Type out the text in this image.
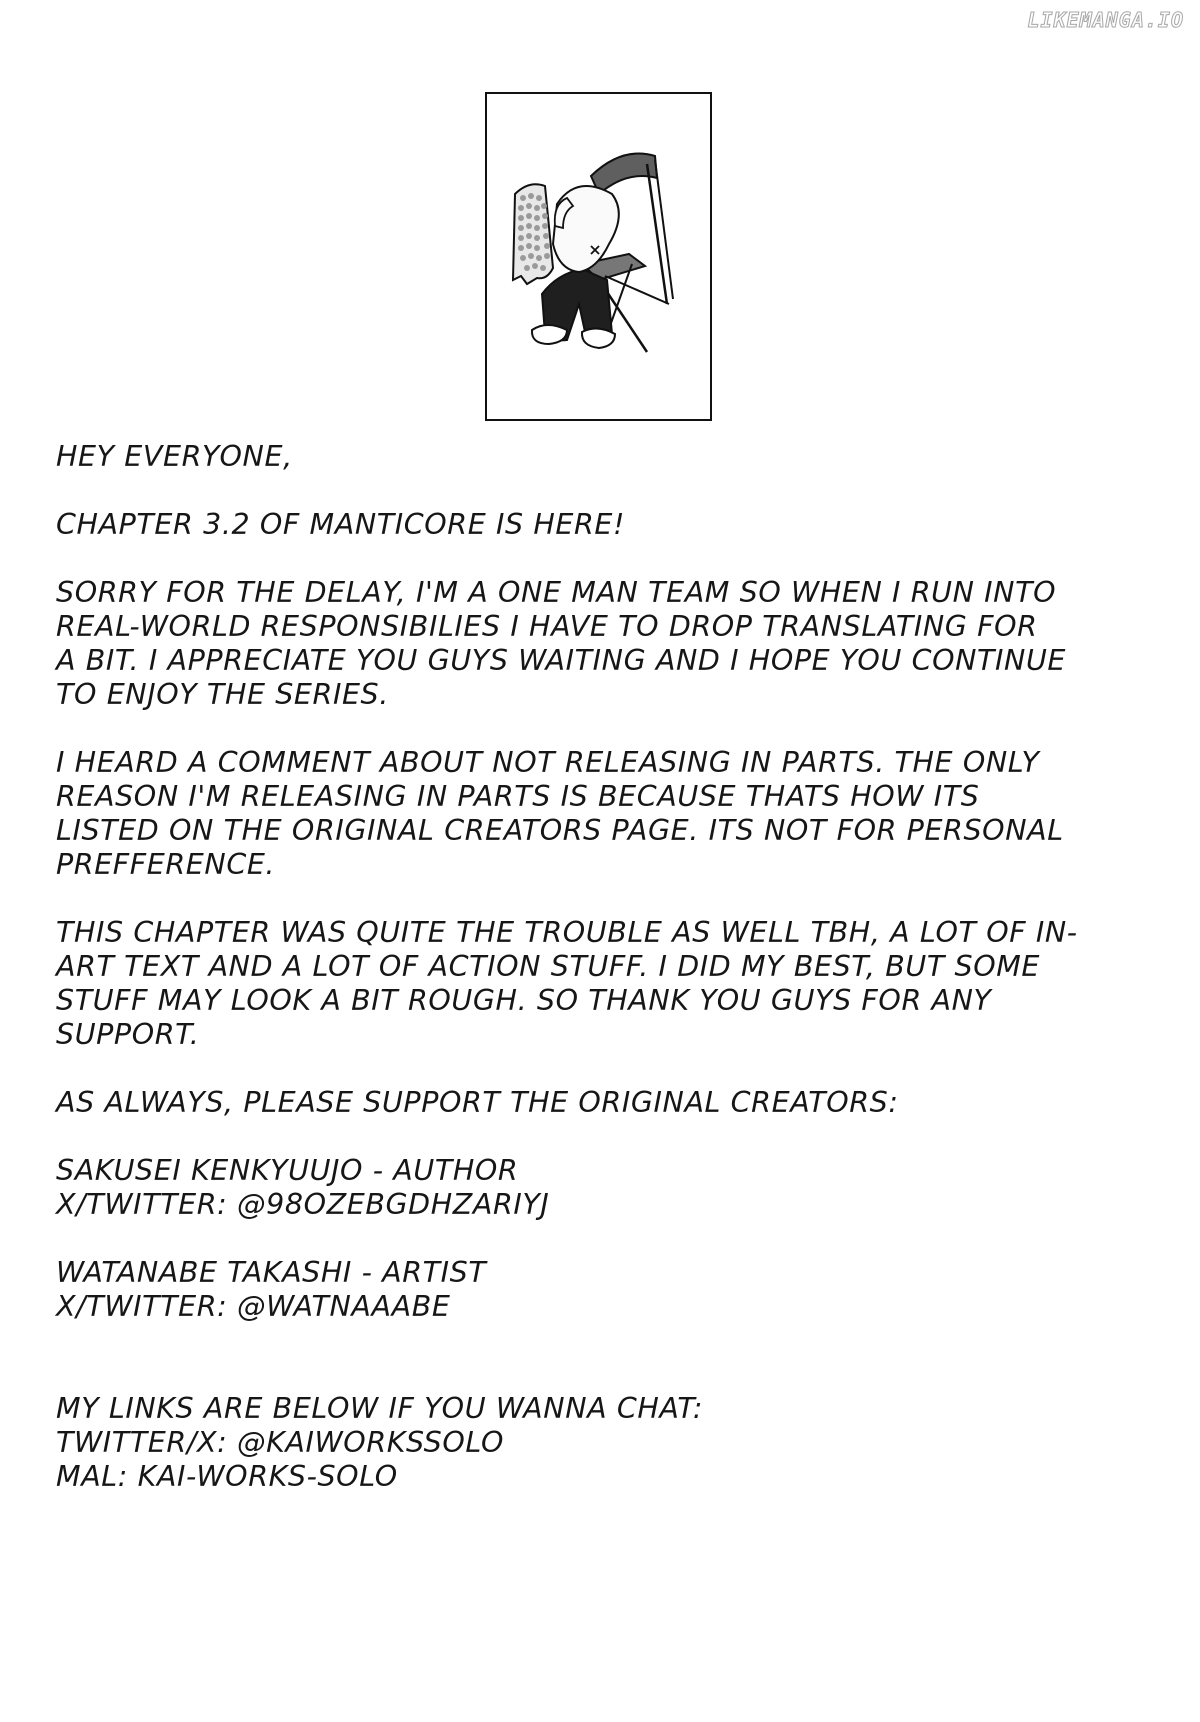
LIKEMANGA.IO
HEY EVERYONE,
CHAPTER 3.2 OF MANTICORE IS HERE!
SORRY FOR THE DELAY, I'M A ONE MAN TEAM SO WHEN I RUN INTO
REAL-WORLD RESPONSIBILIES I HAVE TO DROP TRANSLATING FOR
A BIT. I APPRECIATE YOU GUYS WAITING AND I HOPE YOU CONTINUE
TO ENJOY THE SERIES.
I HEARD A COMMENT ABOUT NOT RELEASING IN PARTS. THE ONLY
REASON I'M RELEASING IN PARTS IS BECAUSE THATS HOW ITS
LISTED ON THE ORIGINAL CREATORS PAGE. ITS NOT FOR PERSONAL
PREFFERENCE.
THIS CHAPTER WAS QUITE THE TROUBLE AS WELL TBH, A LOT OF IN-
ART TEXT AND A LOT OF ACTION STUFF. I DID MY BEST, BUT SOME
STUFF MAY LOOK A BIT ROUGH. SO THANK YOU GUYS FOR ANY
SUPPORT.
AS ALWAYS, PLEASE SUPPORT THE ORIGINAL CREATORS:
SAKUSEI KENKYUUJO - AUTHOR
X/TWITTER: @98OZEBGDHZARIYJ
WATANABE TAKASHI - ARTIST
X/TWITTER: @WATNAAABE
MY LINKS ARE BELOW IF YOU WANNA CHAT:
TWITTER/X: @KAIWORKSSOLO
MAL: KAI-WORKS-SOLO
